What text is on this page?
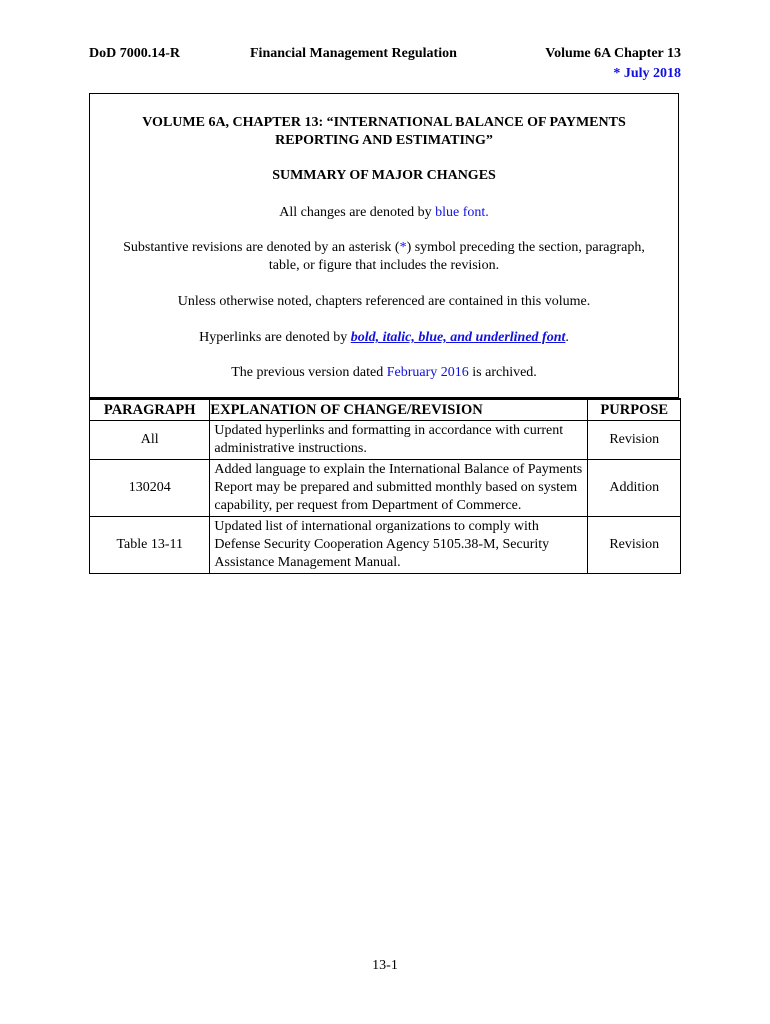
DoD 7000.14-R	Financial Management Regulation	Volume 6A Chapter 13
* July 2018
VOLUME 6A, CHAPTER 13: “INTERNATIONAL BALANCE OF PAYMENTS REPORTING AND ESTIMATING”
SUMMARY OF MAJOR CHANGES
All changes are denoted by blue font.
Substantive revisions are denoted by an asterisk (*) symbol preceding the section, paragraph, table, or figure that includes the revision.
Unless otherwise noted, chapters referenced are contained in this volume.
Hyperlinks are denoted by bold, italic, blue, and underlined font.
The previous version dated February 2016 is archived.
PARAGRAPH	EXPLANATION OF CHANGE/REVISION	PURPOSE
All	Updated hyperlinks and formatting in accordance with current administrative instructions.	Revision
130204	Added language to explain the International Balance of Payments Report may be prepared and submitted monthly based on system capability, per request from Department of Commerce.	Addition
Table 13-11	Updated list of international organizations to comply with Defense Security Cooperation Agency 5105.38-M, Security Assistance Management Manual.	Revision
13-1
